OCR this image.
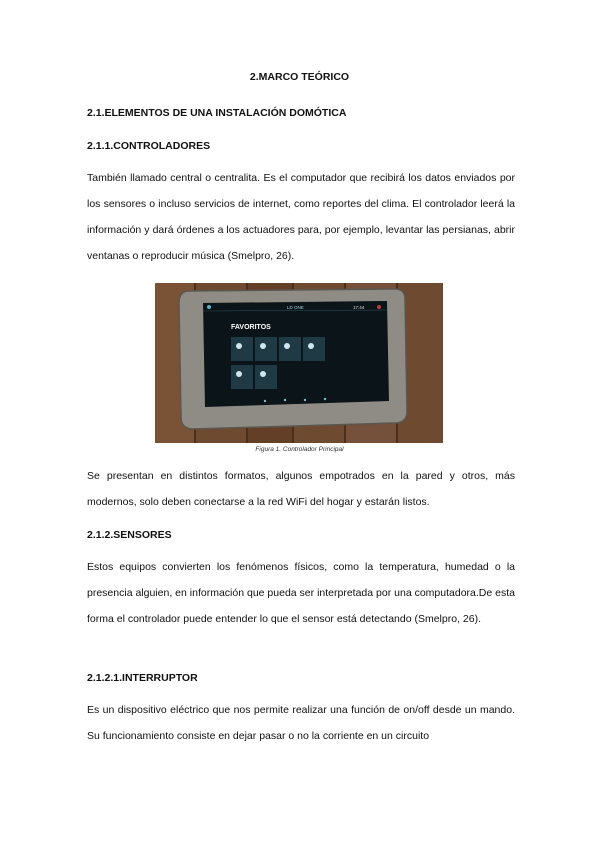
2.MARCO TEÓRICO
2.1.ELEMENTOS DE UNA INSTALACIÓN DOMÓTICA
2.1.1.CONTROLADORES

También llamado central o centralita. Es el computador que recibirá los datos enviados por los sensores o incluso servicios de internet, como reportes del clima. El controlador leerá la información y dará órdenes a los actuadores para, por ejemplo, levantar las persianas, abrir ventanas o reproducir música (Smelpro, 26).

LD ONE	17:44
FAVORITOS
Figura 1. Controlador Principal

Se presentan en distintos formatos, algunos empotrados en la pared y otros, más modernos, solo deben conectarse a la red WiFi del hogar y estarán listos.

2.1.2.SENSORES

Estos equipos convierten los fenómenos físicos, como la temperatura, humedad o la presencia alguien, en información que pueda ser interpretada por una computadora.De esta forma el controlador puede entender lo que el sensor está detectando (Smelpro, 26).

2.1.2.1.INTERRUPTOR

Es un dispositivo eléctrico que nos permite realizar una función de on/off desde un mando. Su funcionamiento consiste en dejar pasar o no la corriente en un circuito
